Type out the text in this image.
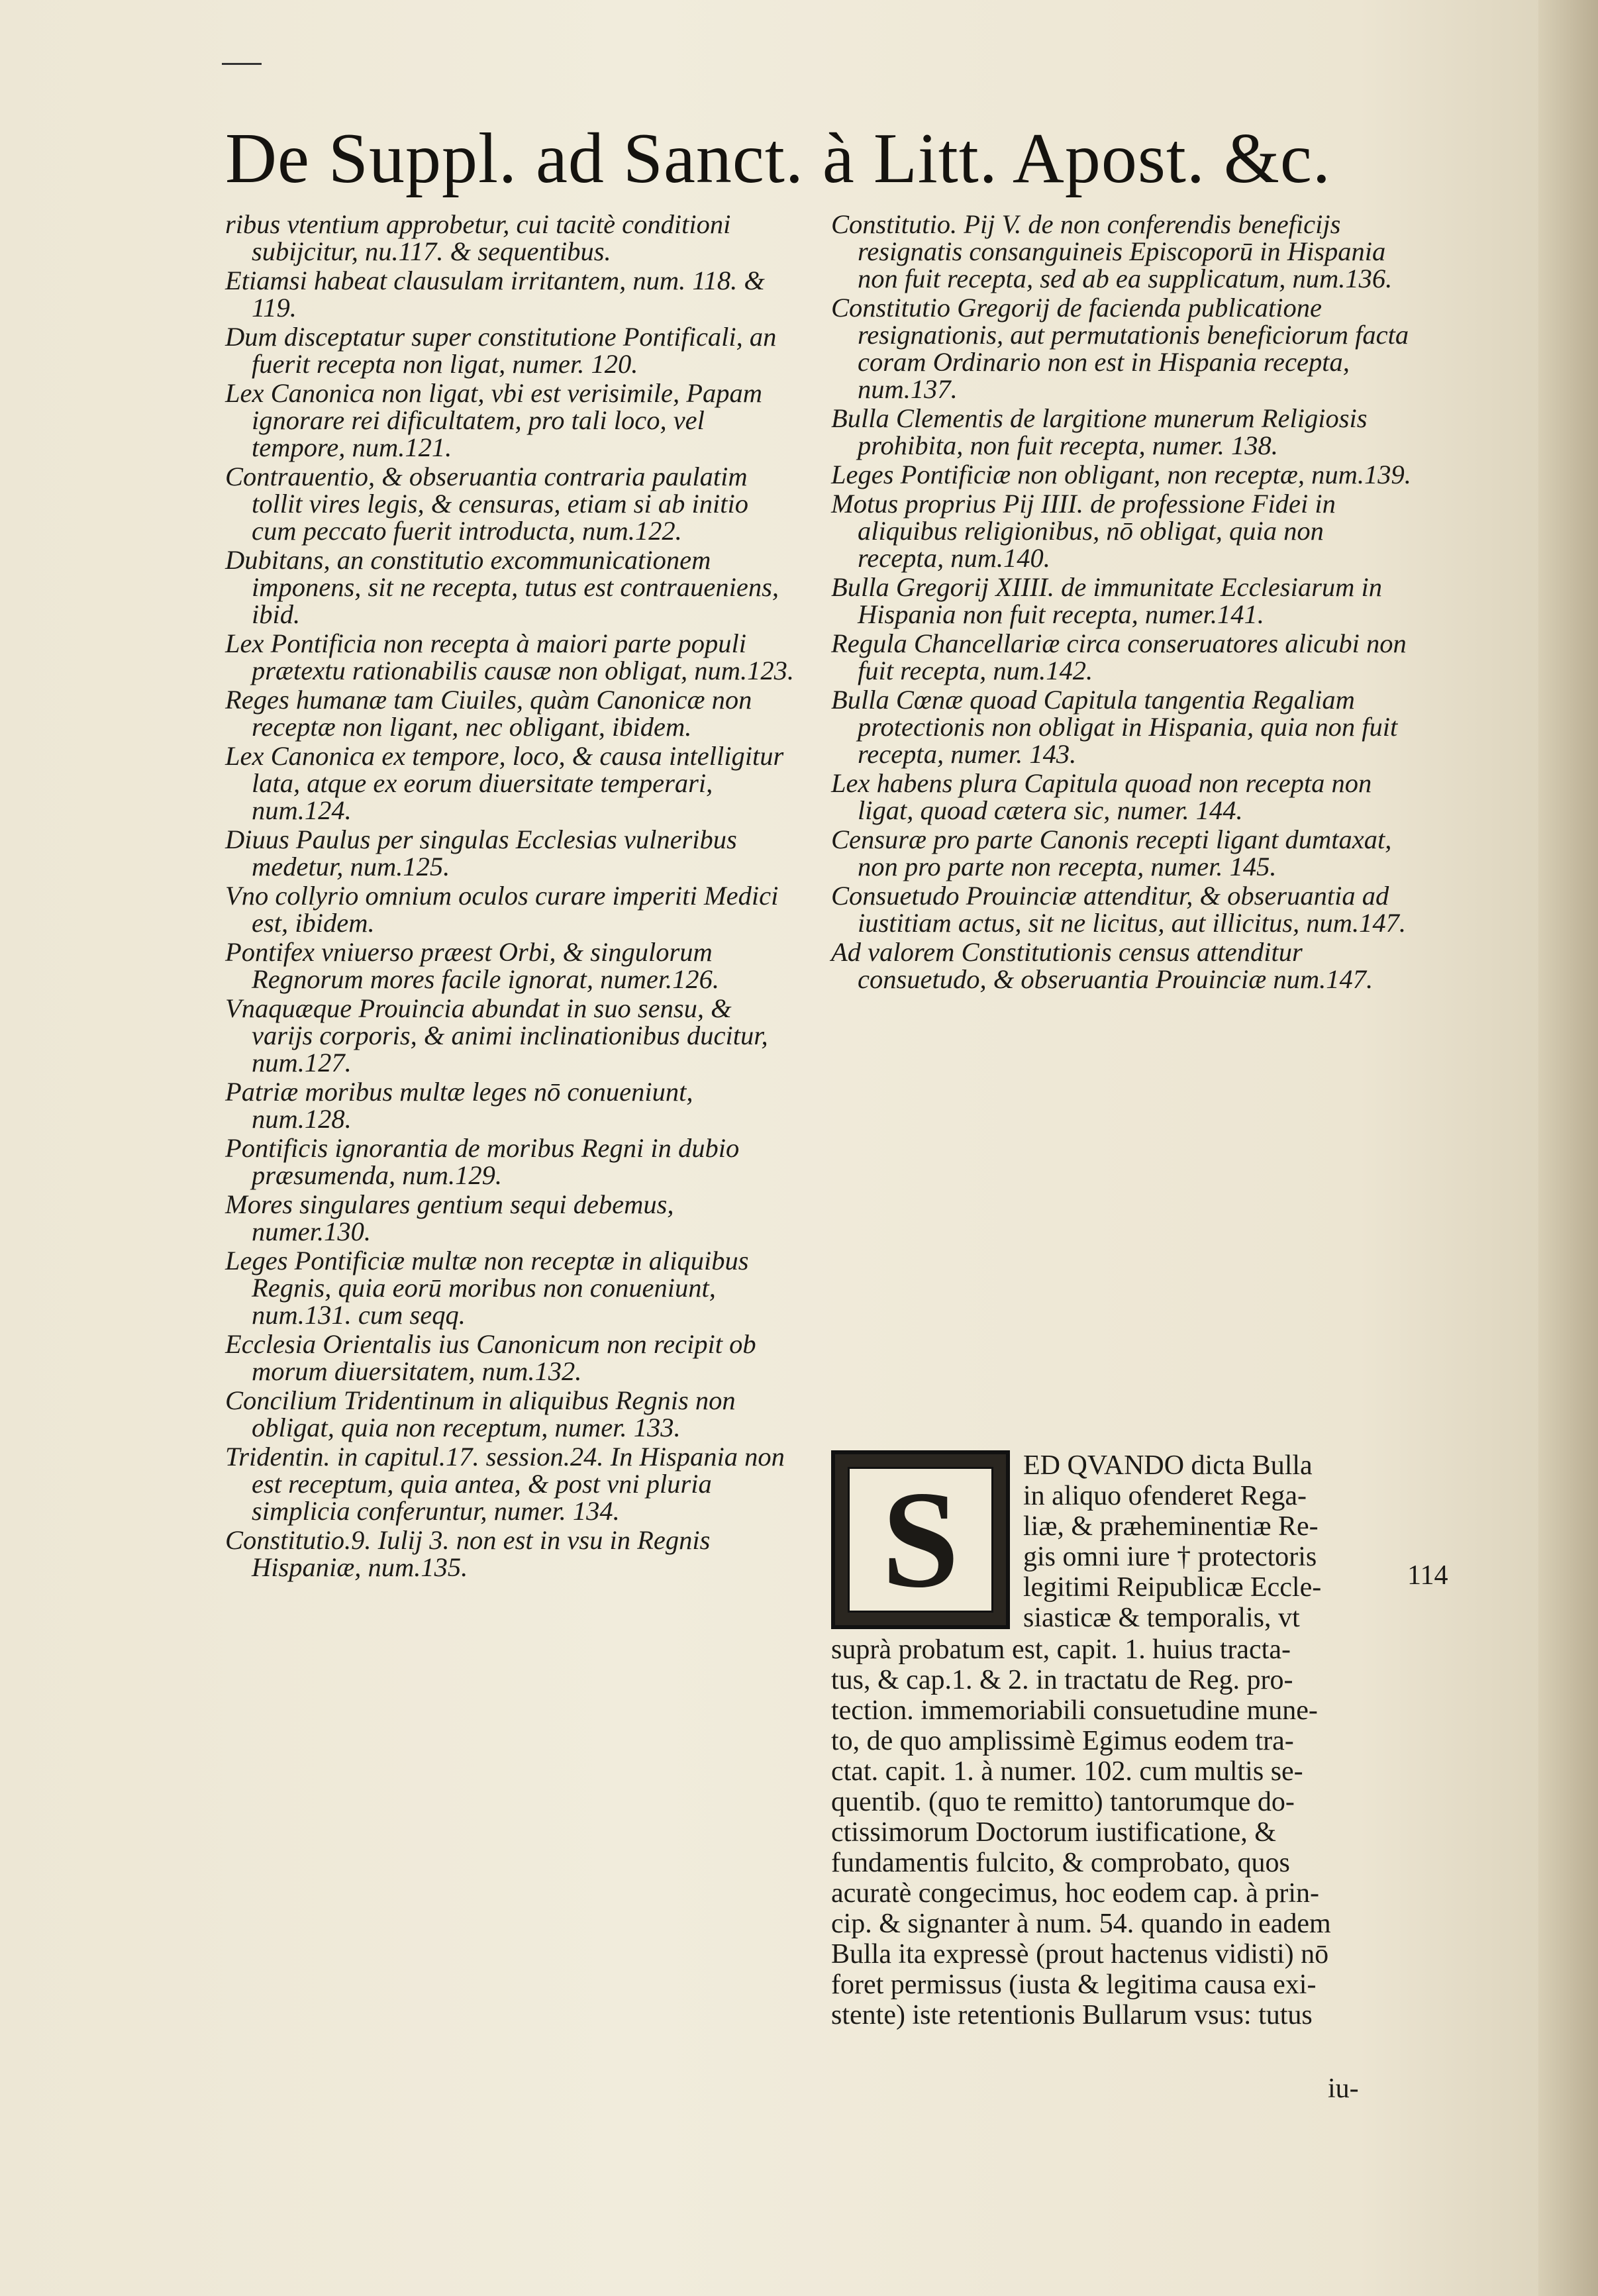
De Suppl. ad Sanct. à Litt. Apost. &c.
ribus vtentium approbetur, cui tacitè conditioni subijcitur, nu.117. & sequentibus.
Etiamsi habeat clausulam irritantem, num. 118. & 119.
Dum disceptatur super constitutione Pontificali, an fuerit recepta non ligat, numer. 120.
Lex Canonica non ligat, vbi est verisimile, Papam ignorare rei dificultatem, pro tali loco, vel tempore, num.121.
Contrauentio, & obseruantia contraria paulatim tollit vires legis, & censuras, etiam si ab initio cum peccato fuerit introducta, num.122.
Dubitans, an constitutio excommunicationem imponens, sit ne recepta, tutus est contraueniens, ibid.
Lex Pontificia non recepta à maiori parte populi prætextu rationabilis causæ non obligat, num.123.
Reges humanæ tam Ciuiles, quàm Canonicæ non receptæ non ligant, nec obligant, ibidem.
Lex Canonica ex tempore, loco, & causa intelligitur lata, atque ex eorum diuersitate temperari, num.124.
Diuus Paulus per singulas Ecclesias vulneribus medetur, num.125.
Vno collyrio omnium oculos curare imperiti Medici est, ibidem.
Pontifex vniuerso præest Orbi, & singulorum Regnorum mores facile ignorat, numer.126.
Vnaquæque Prouincia abundat in suo sensu, & varijs corporis, & animi inclinationibus ducitur, num.127.
Patriæ moribus multæ leges nō conueniunt, num.128.
Pontificis ignorantia de moribus Regni in dubio præsumenda, num.129.
Mores singulares gentium sequi debemus, numer.130.
Leges Pontificiæ multæ non receptæ in aliquibus Regnis, quia eorū moribus non conueniunt, num.131. cum seqq.
Ecclesia Orientalis ius Canonicum non recipit ob morum diuersitatem, num.132.
Concilium Tridentinum in aliquibus Regnis non obligat, quia non receptum, numer. 133.
Tridentin. in capitul.17. session.24. In Hispania non est receptum, quia antea, & post vni pluria simplicia conferuntur, numer. 134.
Constitutio.9. Iulij 3. non est in vsu in Regnis Hispaniæ, num.135.
Constitutio. Pij V. de non conferendis beneficijs resignatis consanguineis Episcoporū in Hispania non fuit recepta, sed ab ea supplicatum, num.136.
Constitutio Gregorij de facienda publicatione resignationis, aut permutationis beneficiorum facta coram Ordinario non est in Hispania recepta, num.137.
Bulla Clementis de largitione munerum Religiosis prohibita, non fuit recepta, numer. 138.
Leges Pontificiæ non obligant, non receptæ, num.139.
Motus proprius Pij IIII. de professione Fidei in aliquibus religionibus, nō obligat, quia non recepta, num.140.
Bulla Gregorij XIIII. de immunitate Ecclesiarum in Hispania non fuit recepta, numer.141.
Regula Chancellariæ circa conseruatores alicubi non fuit recepta, num.142.
Bulla Cœnæ quoad Capitula tangentia Regaliam protectionis non obligat in Hispania, quia non fuit recepta, numer. 143.
Lex habens plura Capitula quoad non recepta non ligat, quoad cætera sic, numer. 144.
Censuræ pro parte Canonis recepti ligant dumtaxat, non pro parte non recepta, numer. 145.
Consuetudo Prouinciæ attenditur, & obseruantia ad iustitiam actus, sit ne licitus, aut illicitus, num.147.
Ad valorem Constitutionis census attenditur consuetudo, & obseruantia Prouinciæ num.147.
S ED QVANDO dicta Bulla
in aliquo ofenderet Rega-
liæ, & præheminentiæ Re-
gis omni iure † protectoris
legitimi Reipublicæ Eccle-
siasticæ & temporalis, vt
suprà probatum est, capit. 1. huius tracta-
tus, & cap.1. & 2. in tractatu de Reg. pro-
tection. immemoriabili consuetudine mune-
to, de quo amplissimè Egimus eodem tra-
ctat. capit. 1. à numer. 102. cum multis se-
quentib. (quo te remitto) tantorumque do-
ctissimorum Doctorum iustificatione, &
fundamentis fulcito, & comprobato, quos
acuratè congecimus, hoc eodem cap. à prin-
cip. & signanter à num. 54. quando in eadem
Bulla ita expressè (prout hactenus vidisti) nō
foret permissus (iusta & legitima causa exi-
stente) iste retentionis Bullarum vsus: tutus
114
iu-
